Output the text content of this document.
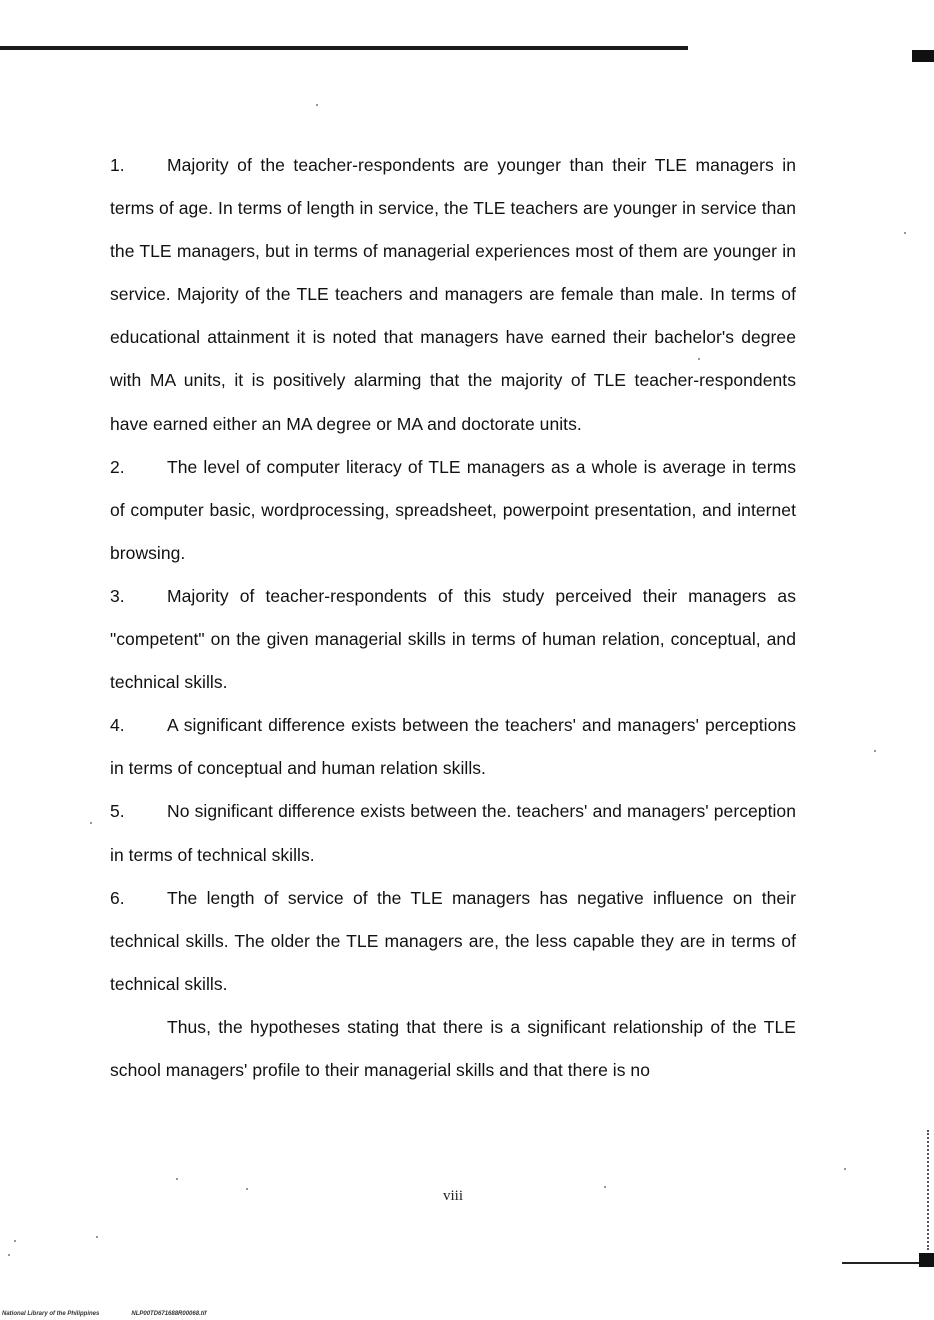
1. Majority of the teacher-respondents are younger than their TLE managers in terms of age. In terms of length in service, the TLE teachers are younger in service than the TLE managers, but in terms of managerial experiences most of them are younger in service. Majority of the TLE teachers and managers are female than male. In terms of educational attainment it is noted that managers have earned their bachelor's degree with MA units, it is positively alarming that the majority of TLE teacher-respondents have earned either an MA degree or MA and doctorate units.

2. The level of computer literacy of TLE managers as a whole is average in terms of computer basic, wordprocessing, spreadsheet, powerpoint presentation, and internet browsing.

3. Majority of teacher-respondents of this study perceived their managers as "competent" on the given managerial skills in terms of human relation, conceptual, and technical skills.

4. A significant difference exists between the teachers' and managers' perceptions in terms of conceptual and human relation skills.

5. No significant difference exists between the. teachers' and managers' perception in terms of technical skills.

6. The length of service of the TLE managers has negative influence on their technical skills. The older the TLE managers are, the less capable they are in terms of technical skills.

Thus, the hypotheses stating that there is a significant relationship of the TLE school managers' profile to their managerial skills and that there is no

viii
National Library of the Philippines	NLP00TD671688R00068.tif
